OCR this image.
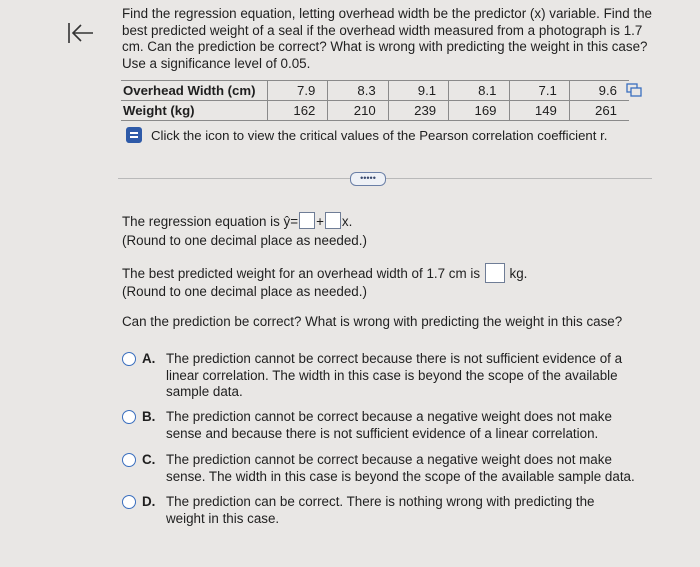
Find the regression equation, letting overhead width be the predictor (x) variable. Find the best predicted weight of a seal if the overhead width measured from a photograph is 1.7 cm. Can the prediction be correct? What is wrong with predicting the weight in this case? Use a significance level of 0.05.
Overhead Width (cm)	7.9	8.3	9.1	8.1	7.1	9.6
Weight (kg)	162	210	239	169	149	261
Click the icon to view the critical values of the Pearson correlation coefficient r.
•••••
The regression equation is ŷ= + x.
(Round to one decimal place as needed.)
The best predicted weight for an overhead width of 1.7 cm is kg.
(Round to one decimal place as needed.)
Can the prediction be correct? What is wrong with predicting the weight in this case?
A. The prediction cannot be correct because there is not sufficient evidence of a linear correlation. The width in this case is beyond the scope of the available sample data.
B. The prediction cannot be correct because a negative weight does not make sense and because there is not sufficient evidence of a linear correlation.
C. The prediction cannot be correct because a negative weight does not make sense. The width in this case is beyond the scope of the available sample data.
D. The prediction can be correct. There is nothing wrong with predicting the weight in this case.
